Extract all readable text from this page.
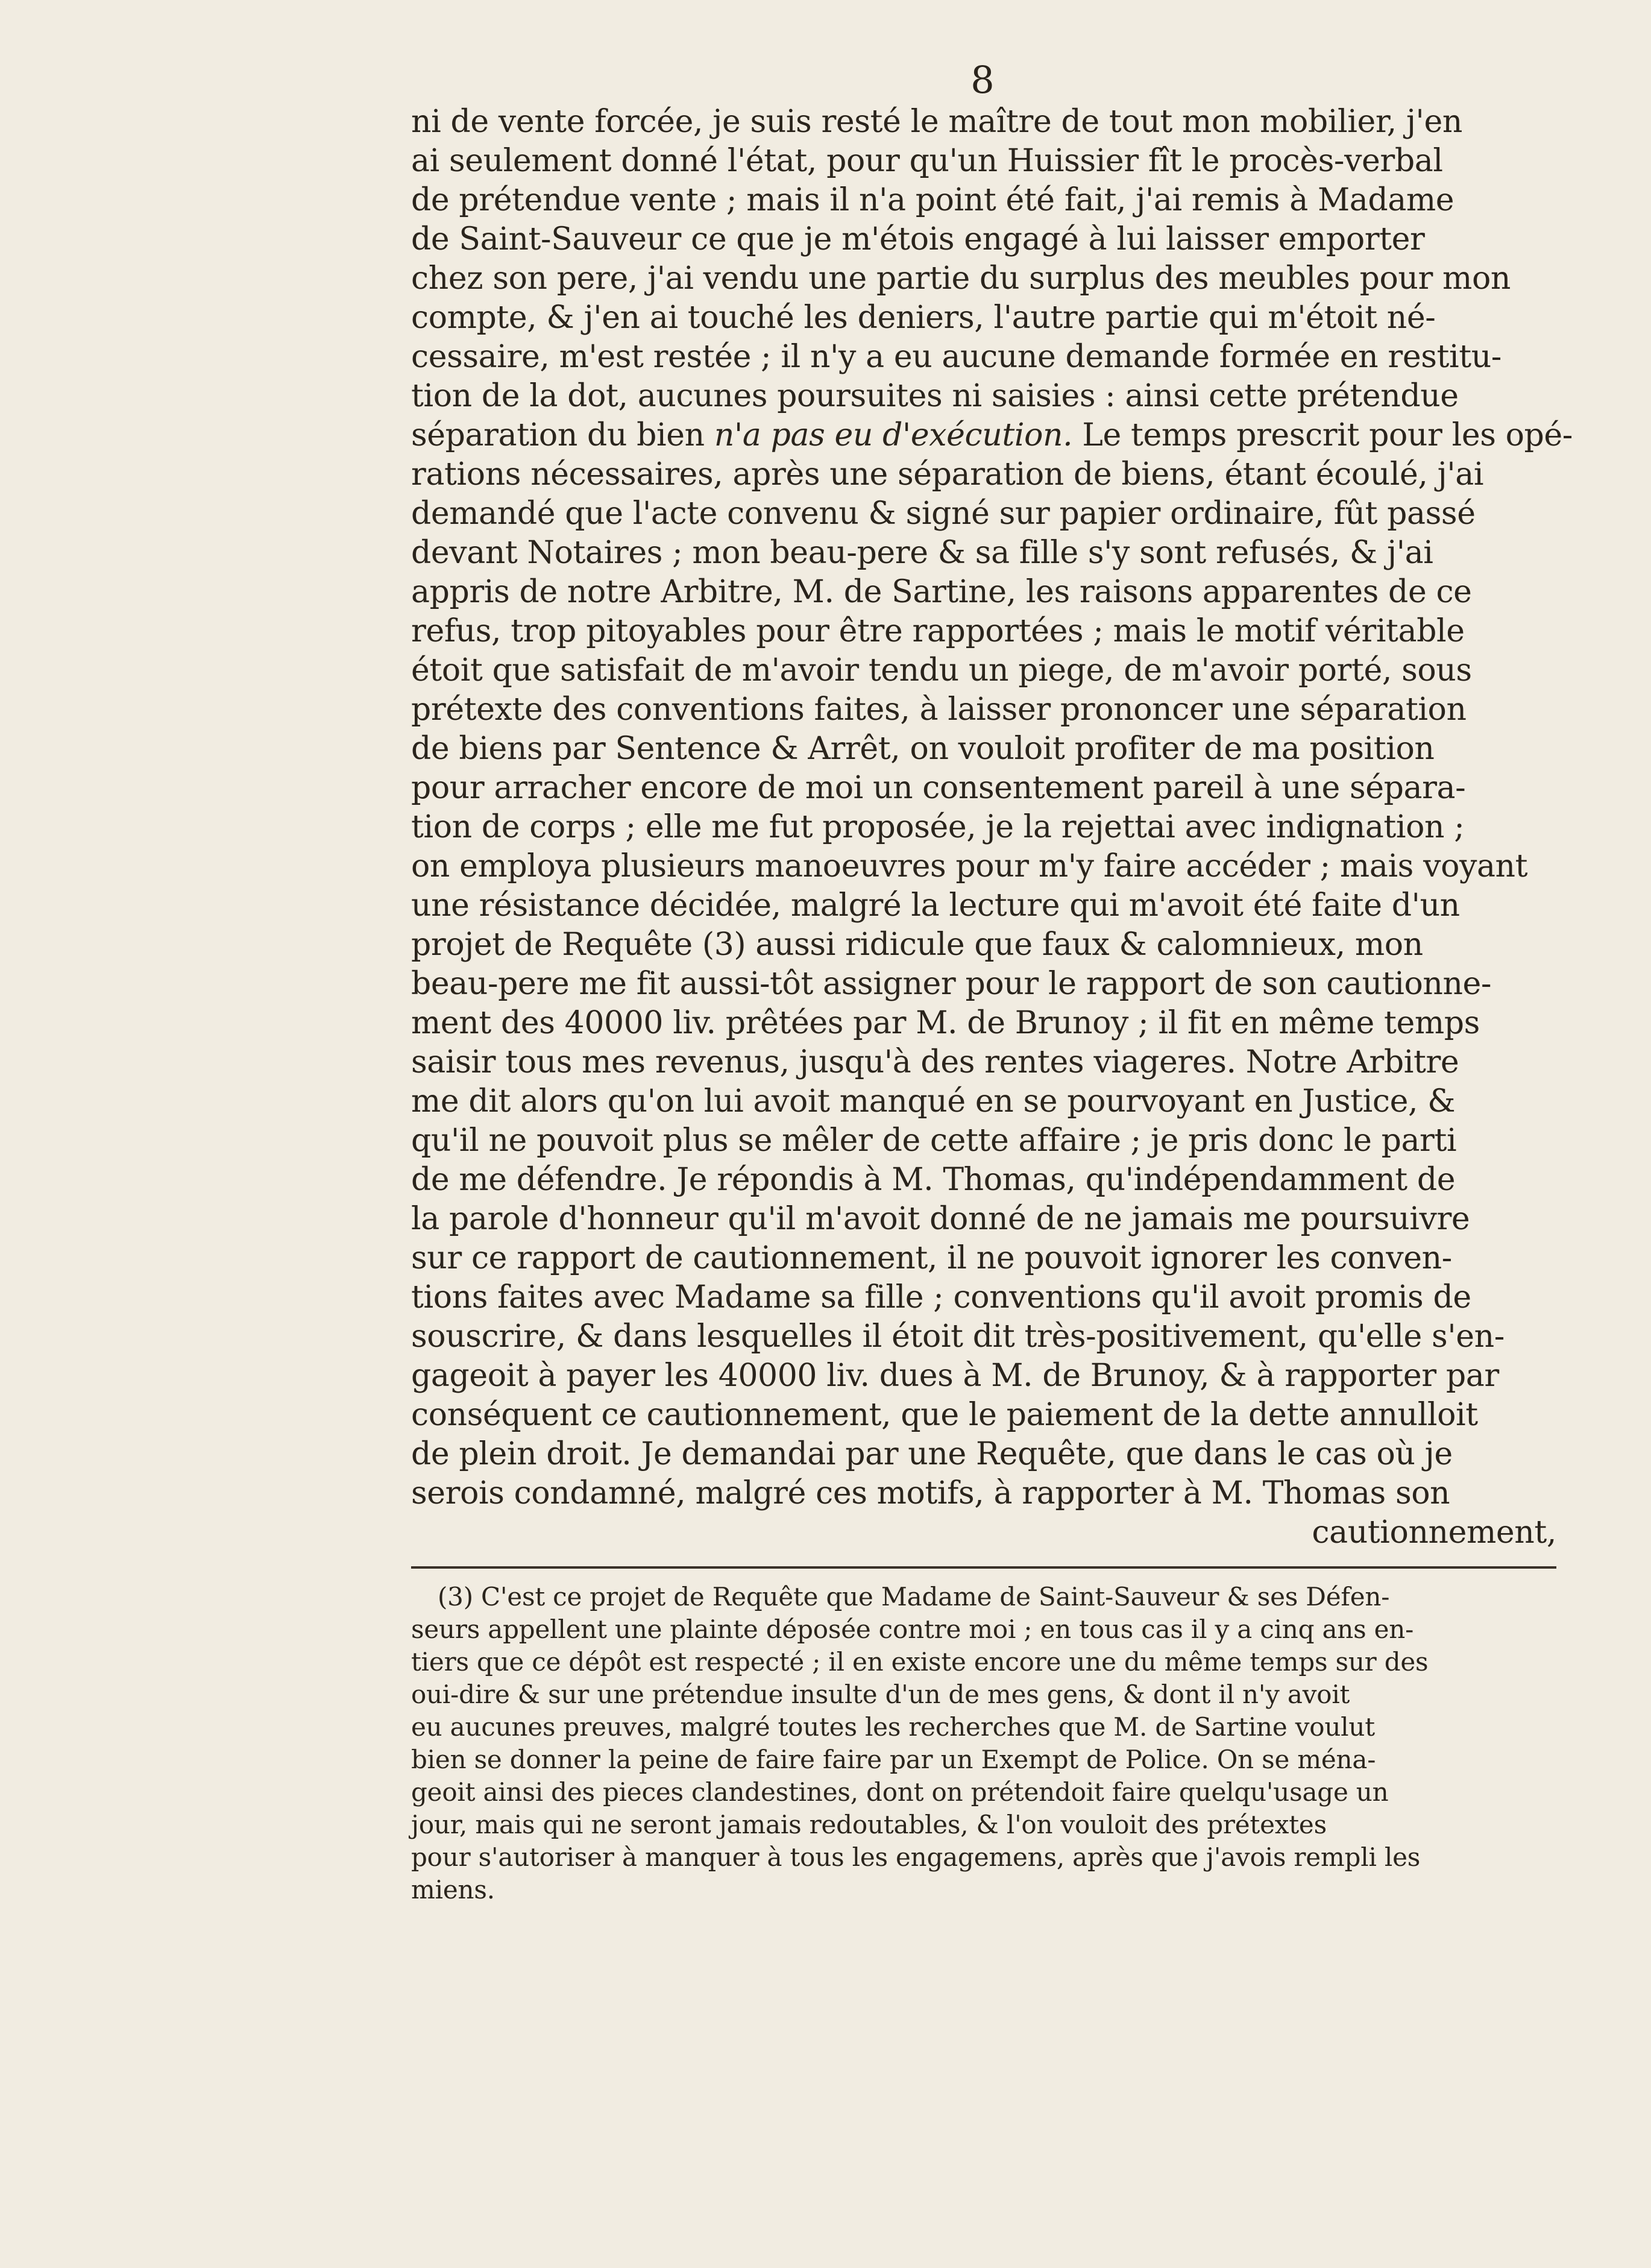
8
ni de vente forcée, je suis resté le maître de tout mon mobilier, j'en
ai seulement donné l'état, pour qu'un Huissier fît le procès-verbal
de prétendue vente ; mais il n'a point été fait, j'ai remis à Madame
de Saint-Sauveur ce que je m'étois engagé à lui laisser emporter
chez son pere, j'ai vendu une partie du surplus des meubles pour mon
compte, & j'en ai touché les deniers, l'autre partie qui m'étoit né-
cessaire, m'est restée ; il n'y a eu aucune demande formée en restitu-
tion de la dot, aucunes poursuites ni saisies : ainsi cette prétendue
séparation du bien n'a pas eu d'exécution. Le temps prescrit pour les opé-
rations nécessaires, après une séparation de biens, étant écoulé, j'ai
demandé que l'acte convenu & signé sur papier ordinaire, fût passé
devant Notaires ; mon beau-pere & sa fille s'y sont refusés, & j'ai
appris de notre Arbitre, M. de Sartine, les raisons apparentes de ce
refus, trop pitoyables pour être rapportées ; mais le motif véritable
étoit que satisfait de m'avoir tendu un piege, de m'avoir porté, sous
prétexte des conventions faites, à laisser prononcer une séparation
de biens par Sentence & Arrêt, on vouloit profiter de ma position
pour arracher encore de moi un consentement pareil à une sépara-
tion de corps ; elle me fut proposée, je la rejettai avec indignation ;
on employa plusieurs manoeuvres pour m'y faire accéder ; mais voyant
une résistance décidée, malgré la lecture qui m'avoit été faite d'un
projet de Requête (3) aussi ridicule que faux & calomnieux, mon
beau-pere me fit aussi-tôt assigner pour le rapport de son cautionne-
ment des 40000 liv. prêtées par M. de Brunoy ; il fit en même temps
saisir tous mes revenus, jusqu'à des rentes viageres. Notre Arbitre
me dit alors qu'on lui avoit manqué en se pourvoyant en Justice, &
qu'il ne pouvoit plus se mêler de cette affaire ; je pris donc le parti
de me défendre. Je répondis à M. Thomas, qu'indépendamment de
la parole d'honneur qu'il m'avoit donné de ne jamais me poursuivre
sur ce rapport de cautionnement, il ne pouvoit ignorer les conven-
tions faites avec Madame sa fille ; conventions qu'il avoit promis de
souscrire, & dans lesquelles il étoit dit très-positivement, qu'elle s'en-
gageoit à payer les 40000 liv. dues à M. de Brunoy, & à rapporter par
conséquent ce cautionnement, que le paiement de la dette annulloit
de plein droit. Je demandai par une Requête, que dans le cas où je
serois condamné, malgré ces motifs, à rapporter à M. Thomas son
cautionnement,
(3) C'est ce projet de Requête que Madame de Saint-Sauveur & ses Défen-
seurs appellent une plainte déposée contre moi ; en tous cas il y a cinq ans en-
tiers que ce dépôt est respecté ; il en existe encore une du même temps sur des
oui-dire & sur une prétendue insulte d'un de mes gens, & dont il n'y avoit
eu aucunes preuves, malgré toutes les recherches que M. de Sartine voulut
bien se donner la peine de faire faire par un Exempt de Police. On se ména-
geoit ainsi des pieces clandestines, dont on prétendoit faire quelqu'usage un
jour, mais qui ne seront jamais redoutables, & l'on vouloit des prétextes
pour s'autoriser à manquer à tous les engagemens, après que j'avois rempli les
miens.
